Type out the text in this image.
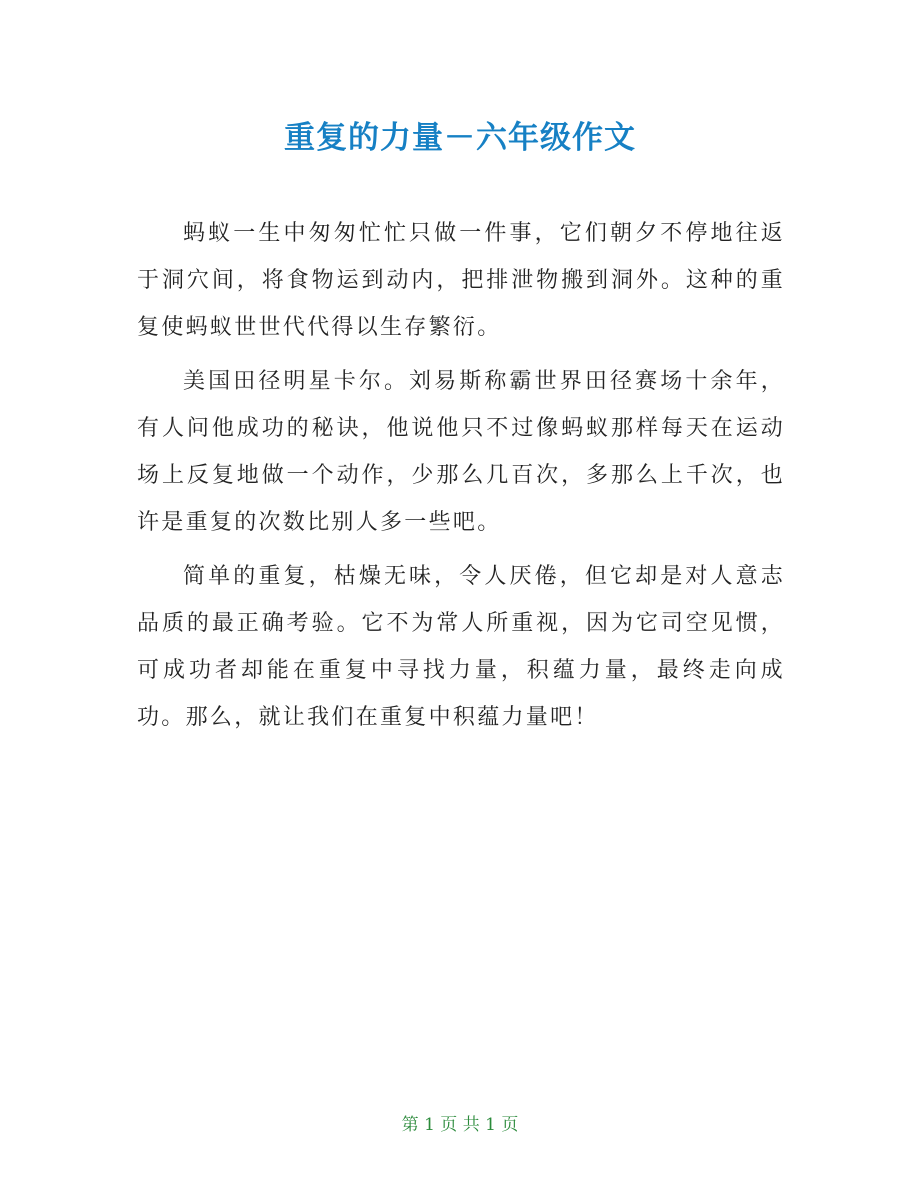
重复的力量－六年级作文

蚂蚁一生中匆匆忙忙只做一件事，它们朝夕不停地往返于洞穴间，将食物运到动内，把排泄物搬到洞外。这种的重复使蚂蚁世世代代得以生存繁衍。

美国田径明星卡尔。刘易斯称霸世界田径赛场十余年，有人问他成功的秘诀，他说他只不过像蚂蚁那样每天在运动场上反复地做一个动作，少那么几百次，多那么上千次，也许是重复的次数比别人多一些吧。

简单的重复，枯燥无味，令人厌倦，但它却是对人意志品质的最正确考验。它不为常人所重视，因为它司空见惯，可成功者却能在重复中寻找力量，积蕴力量，最终走向成功。那么，就让我们在重复中积蕴力量吧！

第 1 页 共 1 页
